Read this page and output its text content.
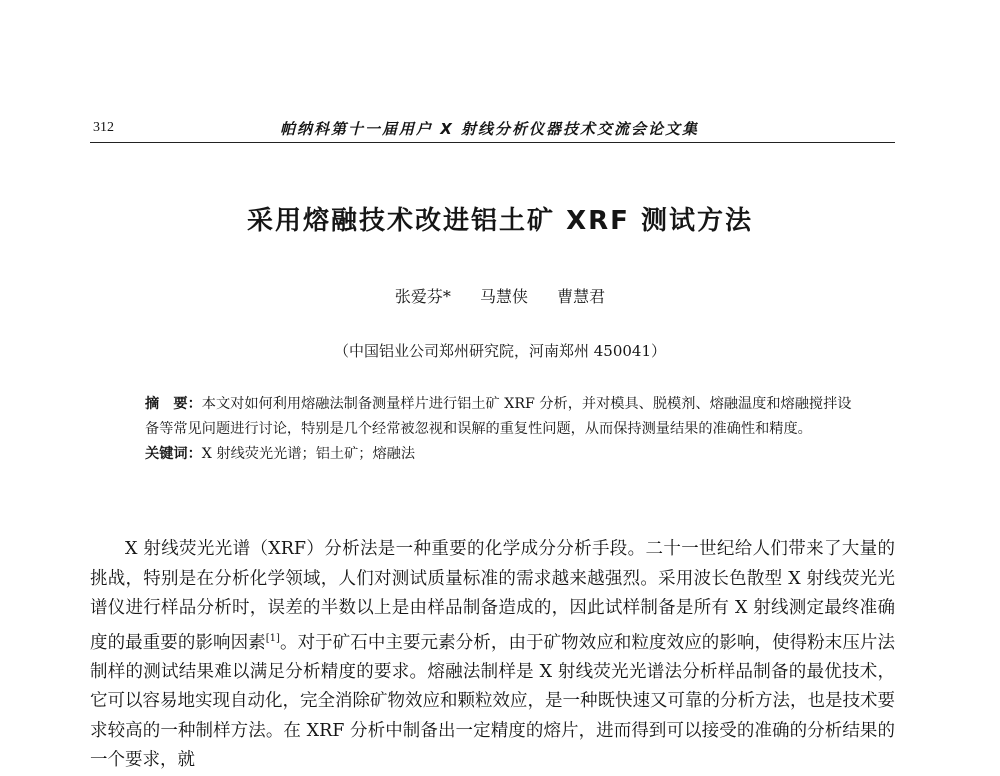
312	帕纳科第十一届用户 X 射线分析仪器技术交流会论文集
采用熔融技术改进铝土矿 XRF 测试方法
张爱芬* 马慧侠 曹慧君
（中国铝业公司郑州研究院，河南郑州 450041）

摘　要：本文对如何利用熔融法制备测量样片进行铝土矿 XRF 分析，并对模具、脱模剂、熔融温度和熔融搅拌设备等常见问题进行讨论，特别是几个经常被忽视和误解的重复性问题，从而保持测量结果的准确性和精度。

关键词：X 射线荧光光谱；铝土矿；熔融法

X 射线荧光光谱（XRF）分析法是一种重要的化学成分分析手段。二十一世纪给人们带来了大量的挑战，特别是在分析化学领域，人们对测试质量标准的需求越来越强烈。采用波长色散型 X 射线荧光光谱仪进行样品分析时，误差的半数以上是由样品制备造成的，因此试样制备是所有 X 射线测定最终准确度的最重要的影响因素[1]。对于矿石中主要元素分析，由于矿物效应和粒度效应的影响，使得粉末压片法制样的测试结果难以满足分析精度的要求。熔融法制样是 X 射线荧光光谱法分析样品制备的最优技术，它可以容易地实现自动化，完全消除矿物效应和颗粒效应，是一种既快速又可靠的分析方法，也是技术要求较高的一种制样方法。在 XRF 分析中制备出一定精度的熔片，进而得到可以接受的准确的分析结果的一个要求，就
